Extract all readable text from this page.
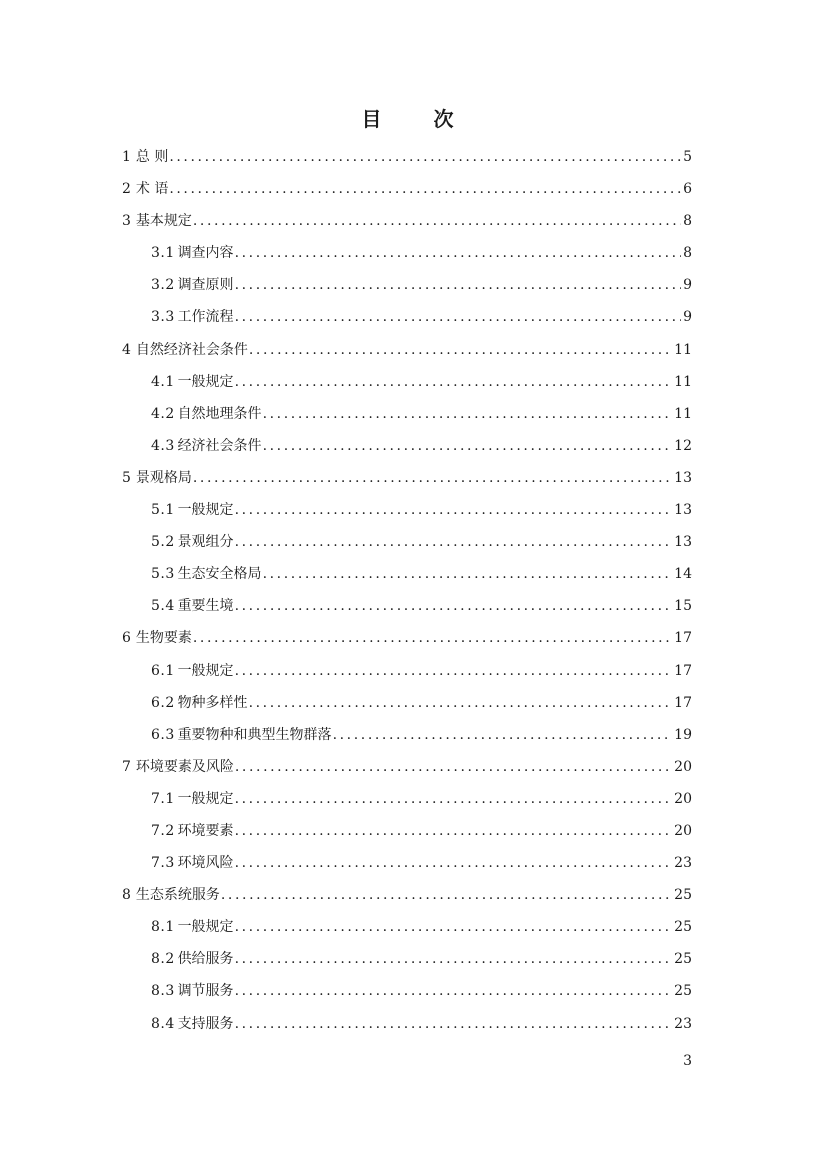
目　次
1 总 则 .....	5
2 术 语 .....	6
3 基本规定 .....	8
3.1  调查内容 .....	8
3.2  调查原则 .....	9
3.3  工作流程 .....	9
4 自然经济社会条件 .....	11
4.1  一般规定 .....	11
4.2  自然地理条件 .....	11
4.3  经济社会条件 .....	12
5 景观格局 .....	13
5.1  一般规定 .....	13
5.2  景观组分 .....	13
5.3  生态安全格局 .....	14
5.4  重要生境 .....	15
6 生物要素 .....	17
6.1  一般规定 .....	17
6.2  物种多样性 .....	17
6.3  重要物种和典型生物群落 .....	19
7 环境要素及风险 .....	20
7.1  一般规定 .....	20
7.2  环境要素 .....	20
7.3  环境风险 .....	23
8 生态系统服务 .....	25
8.1  一般规定 .....	25
8.2  供给服务 .....	25
8.3  调节服务 .....	25
8.4  支持服务 .....	23
3
